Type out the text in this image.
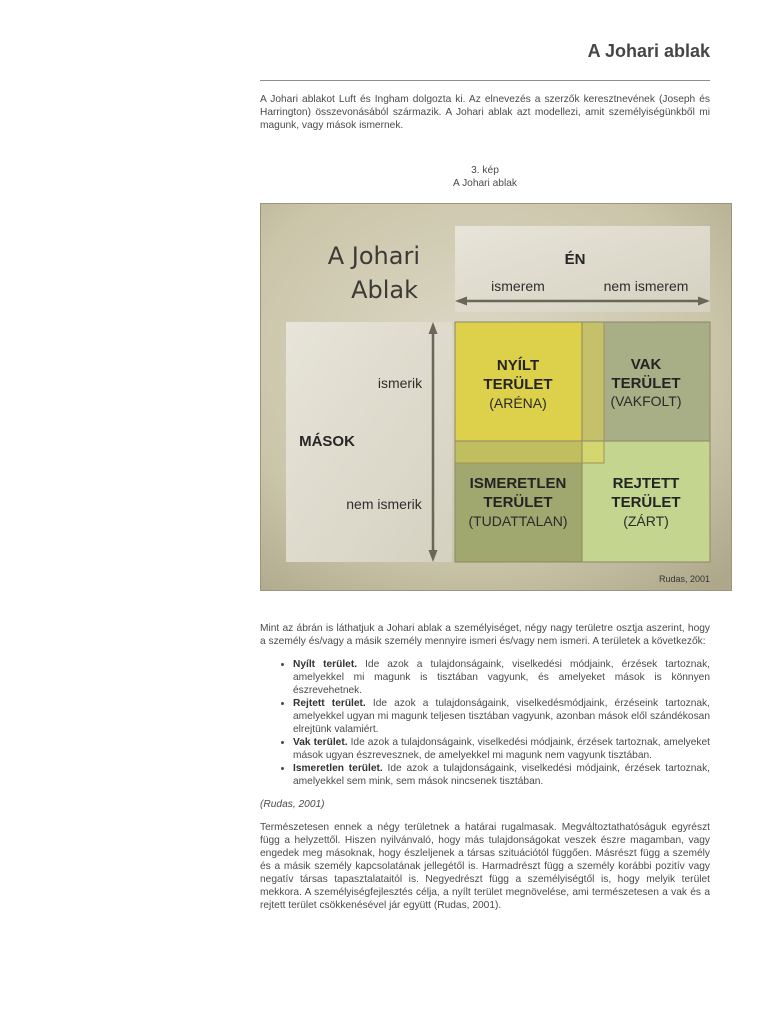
A Johari ablak

A Johari ablakot Luft és Ingham dolgozta ki. Az elnevezés a szerzők keresztnevének (Joseph és Harrington) összevonásából származik. A Johari ablak azt modellezi, amit személyiségünkből mi magunk, vagy mások ismernek.

3. kép
A Johari ablak
A Johari
Ablak
ÉN
ismerem	nem ismerem
ismerik
MÁSOK
nem ismerik
NYÍLT
TERÜLET
(ARÉNA)
VAK
TERÜLET
(VAKFOLT)
ISMERETLEN
TERÜLET
(TUDATTALAN)
REJTETT
TERÜLET
(ZÁRT)
Rudas, 2001

Mint az ábrán is láthatjuk a Johari ablak a személyiséget, négy nagy területre osztja aszerint, hogy a személy és/vagy a másik személy mennyire ismeri és/vagy nem ismeri. A területek a következők:

• Nyílt terület. Ide azok a tulajdonságaink, viselkedési módjaink, érzések tartoznak, amelyekkel mi magunk is tisztában vagyunk, és amelyeket mások is könnyen észrevehetnek.
• Rejtett terület. Ide azok a tulajdonságaink, viselkedésmódjaink, érzéseink tartoznak, amelyekkel ugyan mi magunk teljesen tisztában vagyunk, azonban mások elől szándékosan elrejtünk valamiért.
• Vak terület. Ide azok a tulajdonságaink, viselkedési módjaink, érzések tartoznak, amelyeket mások ugyan észrevesznek, de amelyekkel mi magunk nem vagyunk tisztában.
• Ismeretlen terület. Ide azok a tulajdonságaink, viselkedési módjaink, érzések tartoznak, amelyekkel sem mink, sem mások nincsenek tisztában.

(Rudas, 2001)

Természetesen ennek a négy területnek a határai rugalmasak. Megváltoztathatóságuk egyrészt függ a helyzettől. Hiszen nyilvánvaló, hogy más tulajdonságokat veszek észre magamban, vagy engedek meg másoknak, hogy észleljenek a társas szituációtól függően. Másrészt függ a személy és a másik személy kapcsolatának jellegétől is. Harmadrészt függ a személy korábbi pozitív vagy negatív társas tapasztalataitól is. Negyedrészt függ a személyiségtől is, hogy melyik terület mekkora. A személyiségfejlesztés célja, a nyílt terület megnövelése, ami természetesen a vak és a rejtett terület csökkenésével jár együtt (Rudas, 2001).
